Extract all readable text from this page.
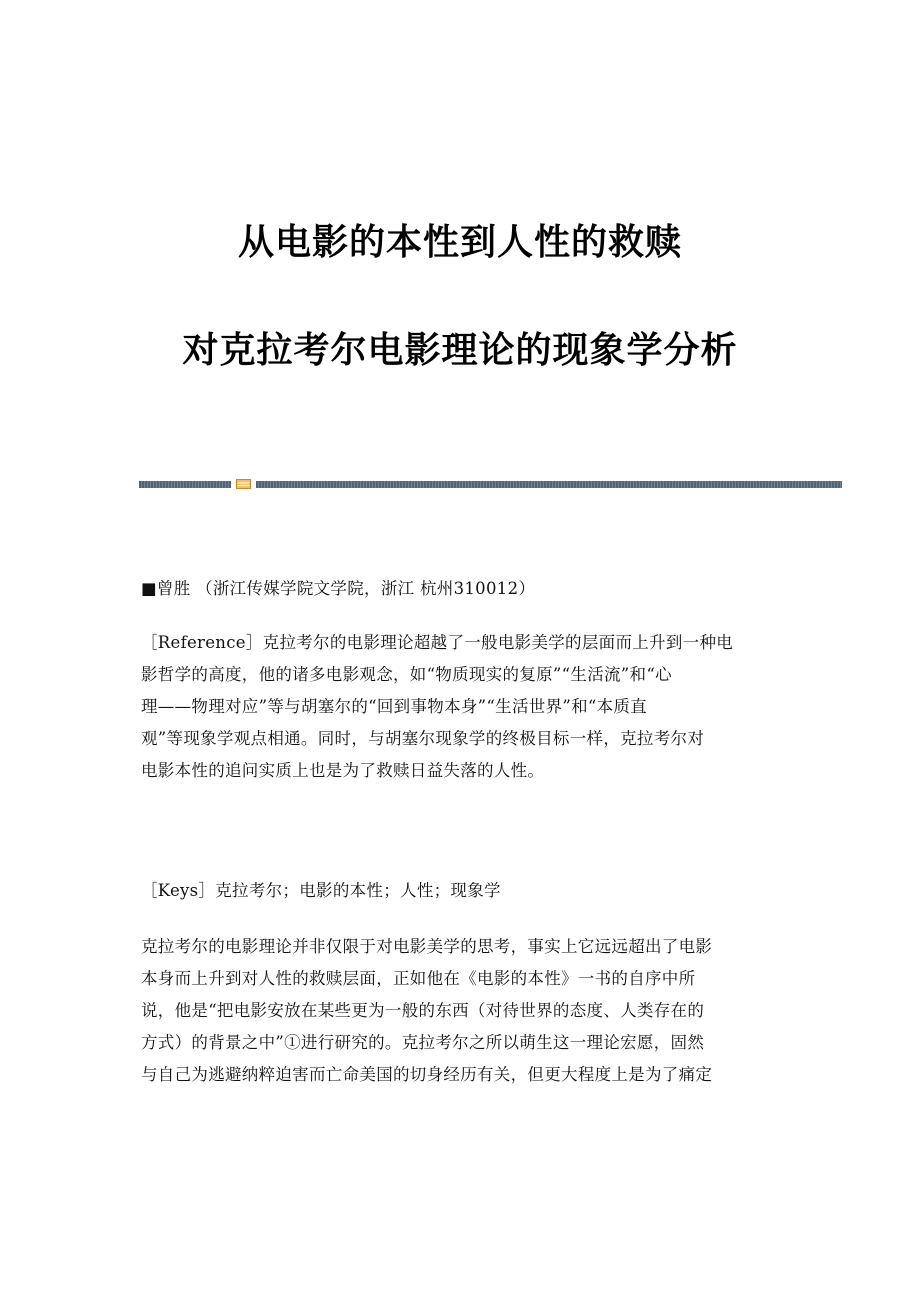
从电影的本性到人性的救赎
对克拉考尔电影理论的现象学分析

■曾胜 （浙江传媒学院文学院，浙江 杭州310012）

［Reference］克拉考尔的电影理论超越了一般电影美学的层面而上升到一种电
影哲学的高度，他的诸多电影观念，如“物质现实的复原”“生活流”和“心
理——物理对应”等与胡塞尔的“回到事物本身”“生活世界”和“本质直
观”等现象学观点相通。同时，与胡塞尔现象学的终极目标一样，克拉考尔对
电影本性的追问实质上也是为了救赎日益失落的人性。

［Keys］克拉考尔；电影的本性；人性；现象学

克拉考尔的电影理论并非仅限于对电影美学的思考，事实上它远远超出了电影
本身而上升到对人性的救赎层面，正如他在《电影的本性》一书的自序中所
说，他是“把电影安放在某些更为一般的东西（对待世界的态度、人类存在的
方式）的背景之中”①进行研究的。克拉考尔之所以萌生这一理论宏愿，固然
与自己为逃避纳粹迫害而亡命美国的切身经历有关，但更大程度上是为了痛定
